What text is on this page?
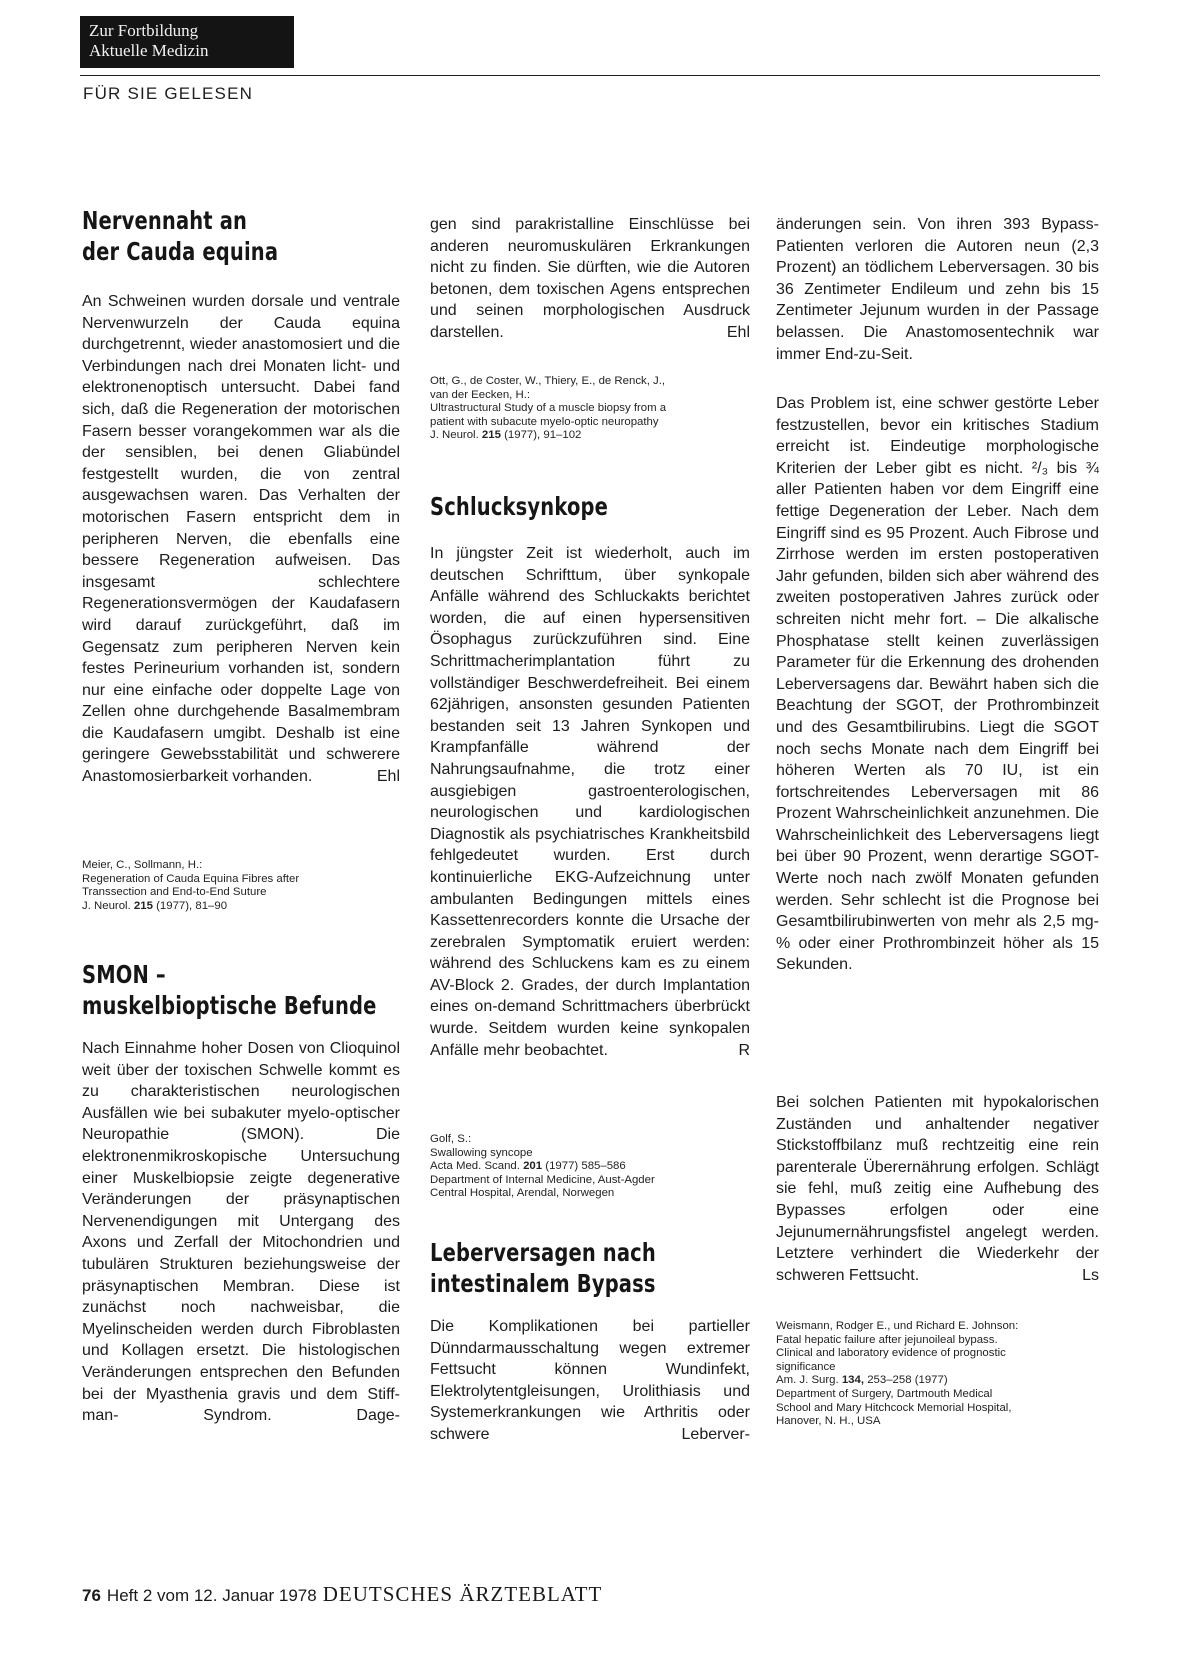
Zur Fortbildung
Aktuelle Medizin
FÜR SIE GELESEN
Nervennaht an
der Cauda equina

An Schweinen wurden dorsale und ventrale Nervenwurzeln der Cauda equina durchgetrennt, wieder anastomosiert und die Verbindungen nach drei Monaten licht- und elektronenoptisch untersucht. Dabei fand sich, daß die Regeneration der motorischen Fasern besser vorangekommen war als die der sensiblen, bei denen Gliabündel festgestellt wurden, die von zentral ausgewachsen waren. Das Verhalten der motorischen Fasern entspricht dem in peripheren Nerven, die ebenfalls eine bessere Regeneration aufweisen. Das insgesamt schlechtere Regenerationsvermögen der Kaudafasern wird darauf zurückgeführt, daß im Gegensatz zum peripheren Nerven kein festes Perineurium vorhanden ist, sondern nur eine einfache oder doppelte Lage von Zellen ohne durchgehende Basalmembram die Kaudafasern umgibt. Deshalb ist eine geringere Gewebsstabilität und schwerere Anastomosierbarkeit vorhanden.	Ehl

Meier, C., Sollmann, H.:
Regeneration of Cauda Equina Fibres after
Transsection and End-to-End Suture
J. Neurol. 215 (1977), 81–90
SMON –
muskelbioptische Befunde

Nach Einnahme hoher Dosen von Clioquinol weit über der toxischen Schwelle kommt es zu charakteristischen neurologischen Ausfällen wie bei subakuter myelo-optischer Neuropathie (SMON). Die elektronenmikroskopische Untersuchung einer Muskelbiopsie zeigte degenerative Veränderungen der präsynaptischen Nervenendigungen mit Untergang des Axons und Zerfall der Mitochondrien und tubulären Strukturen beziehungsweise der präsynaptischen Membran. Diese ist zunächst noch nachweisbar, die Myelinscheiden werden durch Fibroblasten und Kollagen ersetzt. Die histologischen Veränderungen entsprechen den Befunden bei der Myasthenia gravis und dem Stiff-man- Syndrom. Dage-

gen sind parakristalline Einschlüsse bei anderen neuromuskulären Erkrankungen nicht zu finden. Sie dürften, wie die Autoren betonen, dem toxischen Agens entsprechen und seinen morphologischen Ausdruck darstellen.	Ehl

Ott, G., de Coster, W., Thiery, E., de Renck, J.,
van der Eecken, H.:
Ultrastructural Study of a muscle biopsy from a
patient with subacute myelo-optic neuropathy
J. Neurol. 215 (1977), 91–102
Schlucksynkope

In jüngster Zeit ist wiederholt, auch im deutschen Schrifttum, über synkopale Anfälle während des Schluckakts berichtet worden, die auf einen hypersensitiven Ösophagus zurückzuführen sind. Eine Schrittmacherimplantation führt zu vollständiger Beschwerdefreiheit. Bei einem 62jährigen, ansonsten gesunden Patienten bestanden seit 13 Jahren Synkopen und Krampfanfälle während der Nahrungsaufnahme, die trotz einer ausgiebigen gastroenterologischen, neurologischen und kardiologischen Diagnostik als psychiatrisches Krankheitsbild fehlgedeutet wurden. Erst durch kontinuierliche EKG-Aufzeichnung unter ambulanten Bedingungen mittels eines Kassettenrecorders konnte die Ursache der zerebralen Symptomatik eruiert werden: während des Schluckens kam es zu einem AV-Block 2. Grades, der durch Implantation eines on-demand Schrittmachers überbrückt wurde. Seitdem wurden keine synkopalen Anfälle mehr beobachtet.	R

Golf, S.:
Swallowing syncope
Acta Med. Scand. 201 (1977) 585–586
Department of Internal Medicine, Aust-Agder
Central Hospital, Arendal, Norwegen
Leberversagen nach
intestinalem Bypass

Die Komplikationen bei partieller Dünndarmausschaltung wegen extremer Fettsucht können Wundinfekt, Elektrolytentgleisungen, Urolithiasis und Systemerkrankungen wie Arthritis oder schwere Leberver-

änderungen sein. Von ihren 393 Bypass-Patienten verloren die Autoren neun (2,3 Prozent) an tödlichem Leberversagen. 30 bis 36 Zentimeter Endileum und zehn bis 15 Zentimeter Jejunum wurden in der Passage belassen. Die Anastomosentechnik war immer End-zu-Seit.

Das Problem ist, eine schwer gestörte Leber festzustellen, bevor ein kritisches Stadium erreicht ist. Eindeutige morphologische Kriterien der Leber gibt es nicht. ²/₃ bis ¾ aller Patienten haben vor dem Eingriff eine fettige Degeneration der Leber. Nach dem Eingriff sind es 95 Prozent. Auch Fibrose und Zirrhose werden im ersten postoperativen Jahr gefunden, bilden sich aber während des zweiten postoperativen Jahres zurück oder schreiten nicht mehr fort. – Die alkalische Phosphatase stellt keinen zuverlässigen Parameter für die Erkennung des drohenden Leberversagens dar. Bewährt haben sich die Beachtung der SGOT, der Prothrombinzeit und des Gesamtbilirubins. Liegt die SGOT noch sechs Monate nach dem Eingriff bei höheren Werten als 70 IU, ist ein fortschreitendes Leberversagen mit 86 Prozent Wahrscheinlichkeit anzunehmen. Die Wahrscheinlichkeit des Leberversagens liegt bei über 90 Prozent, wenn derartige SGOT-Werte noch nach zwölf Monaten gefunden werden. Sehr schlecht ist die Prognose bei Gesamtbilirubinwerten von mehr als 2,5 mg-% oder einer Prothrombinzeit höher als 15 Sekunden.

Bei solchen Patienten mit hypokalorischen Zuständen und anhaltender negativer Stickstoffbilanz muß rechtzeitig eine rein parenterale Überernährung erfolgen. Schlägt sie fehl, muß zeitig eine Aufhebung des Bypasses erfolgen oder eine Jejunumernährungsfistel angelegt werden. Letztere verhindert die Wiederkehr der schweren Fettsucht.	Ls

Weismann, Rodger E., und Richard E. Johnson:
Fatal hepatic failure after jejunoileal bypass.
Clinical and laboratory evidence of prognostic
significance
Am. J. Surg. 134, 253–258 (1977)
Department of Surgery, Dartmouth Medical
School and Mary Hitchcock Memorial Hospital,
Hanover, N. H., USA
76 Heft 2 vom 12. Januar 1978 DEUTSCHES ÄRZTEBLATT
